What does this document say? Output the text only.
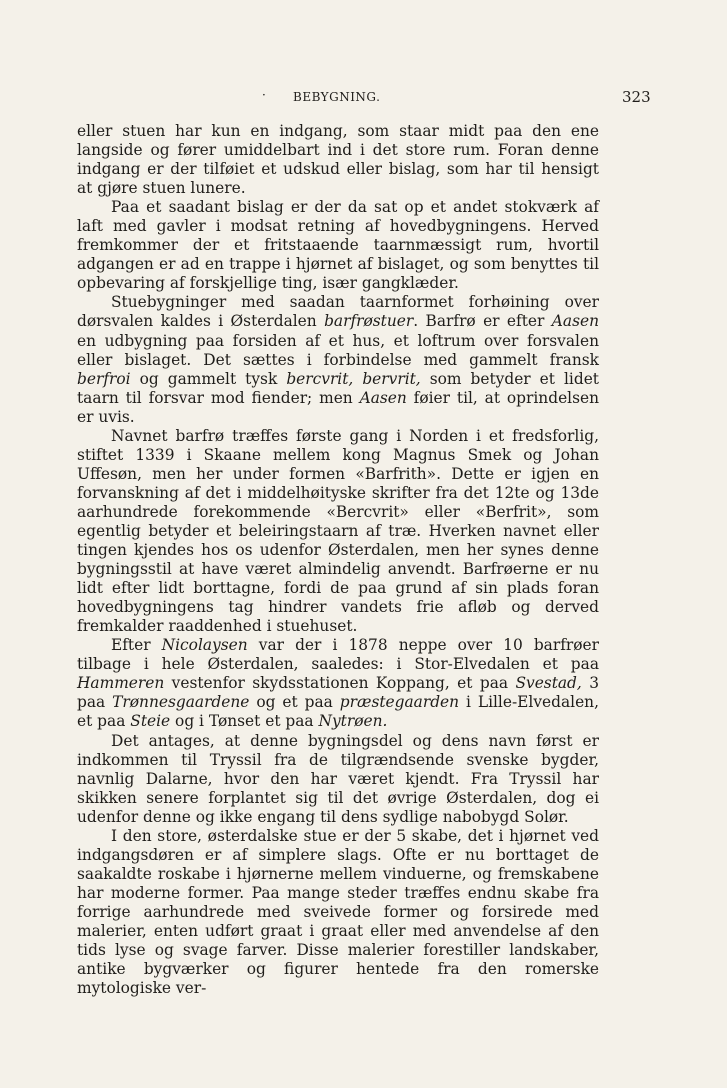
· BEBYGNING.	323

eller stuen har kun en indgang, som staar midt paa den ene langside og fører umiddelbart ind i det store rum. Foran denne indgang er der tilføiet et udskud eller bislag, som har til hensigt at gjøre stuen lunere.

Paa et saadant bislag er der da sat op et andet stokværk af laft med gavler i modsat retning af hovedbygningens. Herved fremkommer der et fritstaaende taarnmæssigt rum, hvortil adgangen er ad en trappe i hjørnet af bislaget, og som benyttes til opbevaring af forskjellige ting, især gangklæder.

Stuebygninger med saadan taarnformet forhøining over dørsvalen kaldes i Østerdalen barfrøstuer. Barfrø er efter Aasen en udbygning paa forsiden af et hus, et loftrum over forsvalen eller bislaget. Det sættes i forbindelse med gammelt fransk berfroi og gammelt tysk bercvrit, bervrit, som betyder et lidet taarn til forsvar mod fiender; men Aasen føier til, at oprindelsen er uvis.

Navnet barfrø træffes første gang i Norden i et fredsforlig, stiftet 1339 i Skaane mellem kong Magnus Smek og Johan Uffesøn, men her under formen «Barfrith». Dette er igjen en forvanskning af det i middelhøityske skrifter fra det 12te og 13de aarhundrede forekommende «Bercvrit» eller «Berfrit», som egentlig betyder et beleiringstaarn af træ. Hverken navnet eller tingen kjendes hos os udenfor Østerdalen, men her synes denne bygningsstil at have været almindelig anvendt. Barfrøerne er nu lidt efter lidt borttagne, fordi de paa grund af sin plads foran hovedbygningens tag hindrer vandets frie afløb og derved fremkalder raaddenhed i stuehuset.

Efter Nicolaysen var der i 1878 neppe over 10 barfrøer tilbage i hele Østerdalen, saaledes: i Stor-Elvedalen et paa Hammeren vestenfor skydsstationen Koppang, et paa Svestad, 3 paa Trønnesgaardene og et paa præstegaarden i Lille-Elvedalen, et paa Steie og i Tønset et paa Nytrøen.

Det antages, at denne bygningsdel og dens navn først er indkommen til Tryssil fra de tilgrændsende svenske bygder, navnlig Dalarne, hvor den har været kjendt. Fra Tryssil har skikken senere forplantet sig til det øvrige Østerdalen, dog ei udenfor denne og ikke engang til dens sydlige nabobygd Solør.

I den store, østerdalske stue er der 5 skabe, det i hjørnet ved indgangsdøren er af simplere slags. Ofte er nu borttaget de saakaldte roskabe i hjørnerne mellem vinduerne, og fremskabene har moderne former. Paa mange steder træffes endnu skabe fra forrige aarhundrede med sveivede former og forsirede med malerier, enten udført graat i graat eller med anvendelse af den tids lyse og svage farver. Disse malerier forestiller landskaber, antike bygværker og figurer hentede fra den romerske mytologiske ver-
